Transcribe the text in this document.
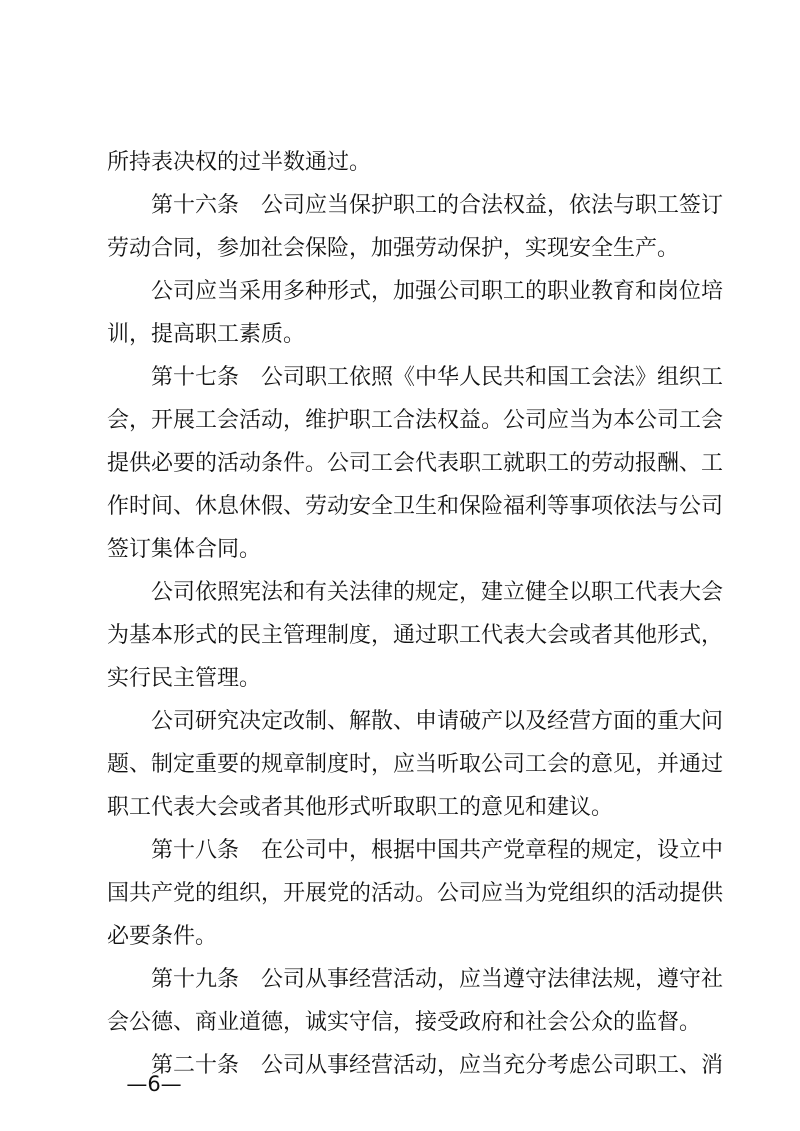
所持表决权的过半数通过。
第十六条　公司应当保护职工的合法权益，依法与职工签订
劳动合同，参加社会保险，加强劳动保护，实现安全生产。
公司应当采用多种形式，加强公司职工的职业教育和岗位培
训，提高职工素质。
第十七条　公司职工依照《中华人民共和国工会法》组织工
会，开展工会活动，维护职工合法权益。公司应当为本公司工会
提供必要的活动条件。公司工会代表职工就职工的劳动报酬、工
作时间、休息休假、劳动安全卫生和保险福利等事项依法与公司
签订集体合同。
公司依照宪法和有关法律的规定，建立健全以职工代表大会
为基本形式的民主管理制度，通过职工代表大会或者其他形式，
实行民主管理。
公司研究决定改制、解散、申请破产以及经营方面的重大问
题、制定重要的规章制度时，应当听取公司工会的意见，并通过
职工代表大会或者其他形式听取职工的意见和建议。
第十八条　在公司中，根据中国共产党章程的规定，设立中
国共产党的组织，开展党的活动。公司应当为党组织的活动提供
必要条件。
第十九条　公司从事经营活动，应当遵守法律法规，遵守社
会公德、商业道德，诚实守信，接受政府和社会公众的监督。
第二十条　公司从事经营活动，应当充分考虑公司职工、消
—6—
